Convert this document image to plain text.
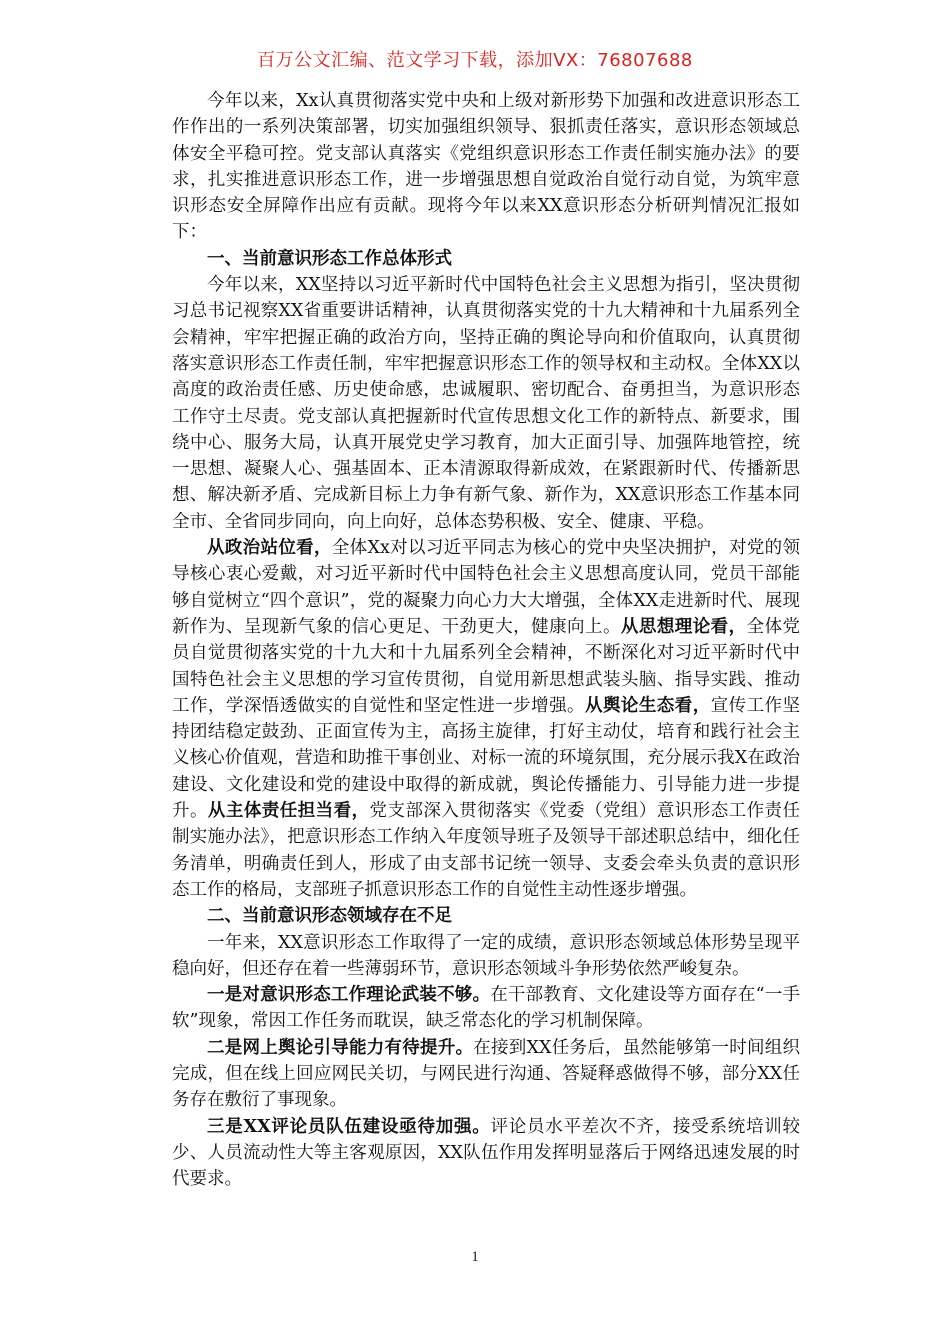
百万公文汇编、范文学习下载，添加VX：76807688

今年以来，Xx认真贯彻落实党中央和上级对新形势下加强和改进意识形态工作作出的一系列决策部署，切实加强组织领导、狠抓责任落实，意识形态领域总体安全平稳可控。党支部认真落实《党组织意识形态工作责任制实施办法》的要求，扎实推进意识形态工作，进一步增强思想自觉政治自觉行动自觉，为筑牢意识形态安全屏障作出应有贡献。现将今年以来XX意识形态分析研判情况汇报如下：

一、当前意识形态工作总体形式

今年以来，XX坚持以习近平新时代中国特色社会主义思想为指引，坚决贯彻习总书记视察XX省重要讲话精神，认真贯彻落实党的十九大精神和十九届系列全会精神，牢牢把握正确的政治方向，坚持正确的舆论导向和价值取向，认真贯彻落实意识形态工作责任制，牢牢把握意识形态工作的领导权和主动权。全体XX以高度的政治责任感、历史使命感，忠诚履职、密切配合、奋勇担当，为意识形态工作守土尽责。党支部认真把握新时代宣传思想文化工作的新特点、新要求，围绕中心、服务大局，认真开展党史学习教育，加大正面引导、加强阵地管控，统一思想、凝聚人心、强基固本、正本清源取得新成效，在紧跟新时代、传播新思想、解决新矛盾、完成新目标上力争有新气象、新作为，XX意识形态工作基本同全市、全省同步同向，向上向好，总体态势积极、安全、健康、平稳。

从政治站位看，全体Xx对以习近平同志为核心的党中央坚决拥护，对党的领导核心衷心爱戴，对习近平新时代中国特色社会主义思想高度认同，党员干部能够自觉树立“四个意识”，党的凝聚力向心力大大增强，全体XX走进新时代、展现新作为、呈现新气象的信心更足、干劲更大，健康向上。从思想理论看，全体党员自觉贯彻落实党的十九大和十九届系列全会精神，不断深化对习近平新时代中国特色社会主义思想的学习宣传贯彻，自觉用新思想武装头脑、指导实践、推动工作，学深悟透做实的自觉性和坚定性进一步增强。从舆论生态看，宣传工作坚持团结稳定鼓劲、正面宣传为主，高扬主旋律，打好主动仗，培育和践行社会主义核心价值观，营造和助推干事创业、对标一流的环境氛围，充分展示我X在政治建设、文化建设和党的建设中取得的新成就，舆论传播能力、引导能力进一步提升。从主体责任担当看，党支部深入贯彻落实《党委（党组）意识形态工作责任制实施办法》，把意识形态工作纳入年度领导班子及领导干部述职总结中，细化任务清单，明确责任到人，形成了由支部书记统一领导、支委会牵头负责的意识形态工作的格局，支部班子抓意识形态工作的自觉性主动性逐步增强。

二、当前意识形态领域存在不足

一年来，XX意识形态工作取得了一定的成绩，意识形态领域总体形势呈现平稳向好，但还存在着一些薄弱环节，意识形态领域斗争形势依然严峻复杂。

一是对意识形态工作理论武装不够。在干部教育、文化建设等方面存在“一手软”现象，常因工作任务而耽误，缺乏常态化的学习机制保障。

二是网上舆论引导能力有待提升。在接到XX任务后，虽然能够第一时间组织完成，但在线上回应网民关切，与网民进行沟通、答疑释惑做得不够，部分XX任务存在敷衍了事现象。

三是XX评论员队伍建设亟待加强。评论员水平差次不齐，接受系统培训较少、人员流动性大等主客观原因，XX队伍作用发挥明显落后于网络迅速发展的时代要求。

1
